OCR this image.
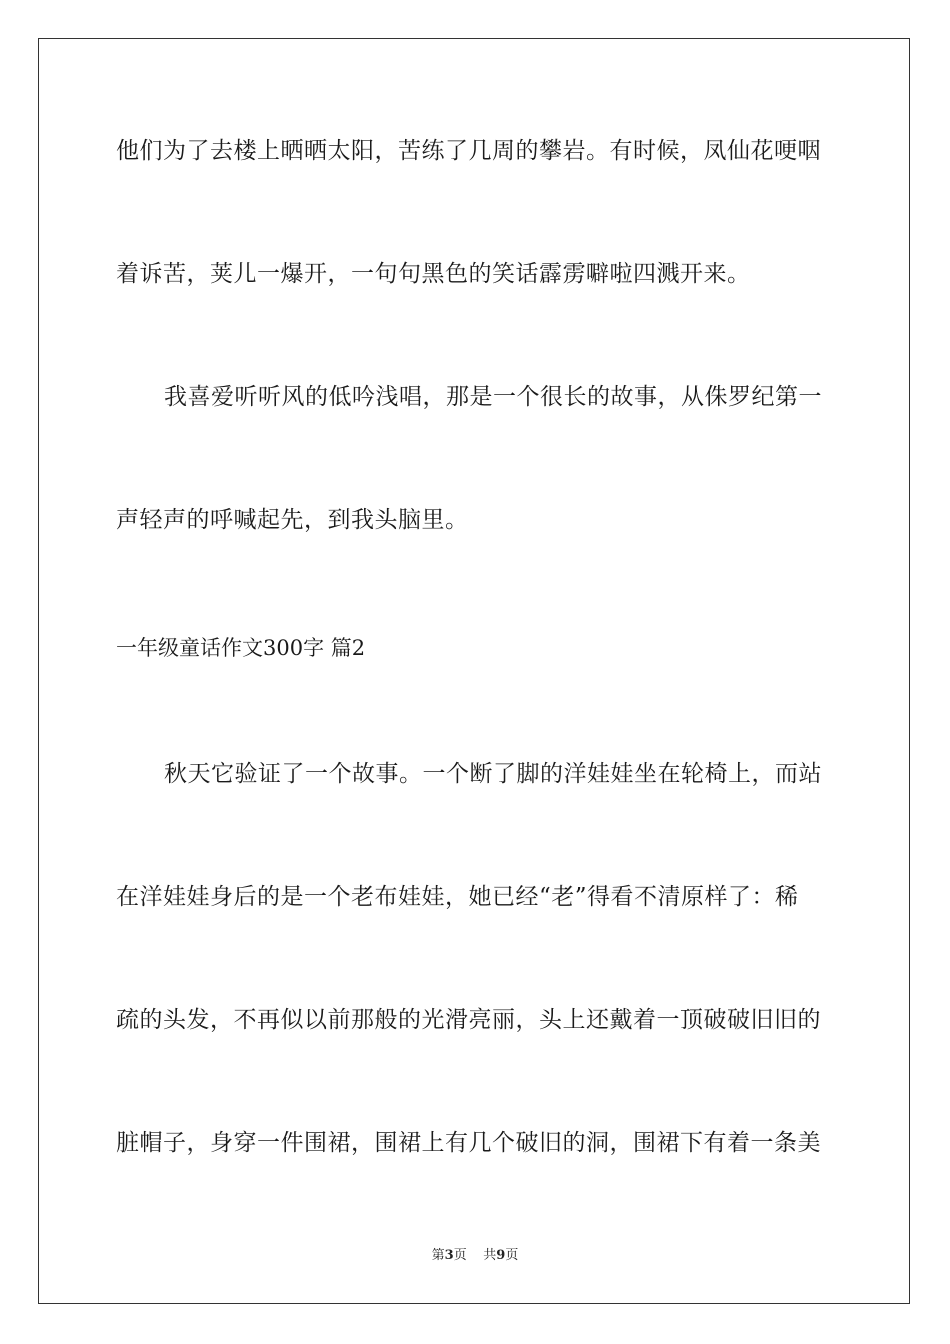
他们为了去楼上晒晒太阳，苦练了几周的攀岩。有时候，凤仙花哽咽
着诉苦，荚儿一爆开，一句句黑色的笑话霹雳噼啦四溅开来。
我喜爱听听风的低吟浅唱，那是一个很长的故事，从侏罗纪第一
声轻声的呼喊起先，到我头脑里。
一年级童话作文300字 篇2
秋天它验证了一个故事。一个断了脚的洋娃娃坐在轮椅上，而站
在洋娃娃身后的是一个老布娃娃，她已经“老”得看不清原样了：稀
疏的头发，不再似以前那般的光滑亮丽，头上还戴着一顶破破旧旧的
脏帽子，身穿一件围裙，围裙上有几个破旧的洞，围裙下有着一条美
第3页 共9页
